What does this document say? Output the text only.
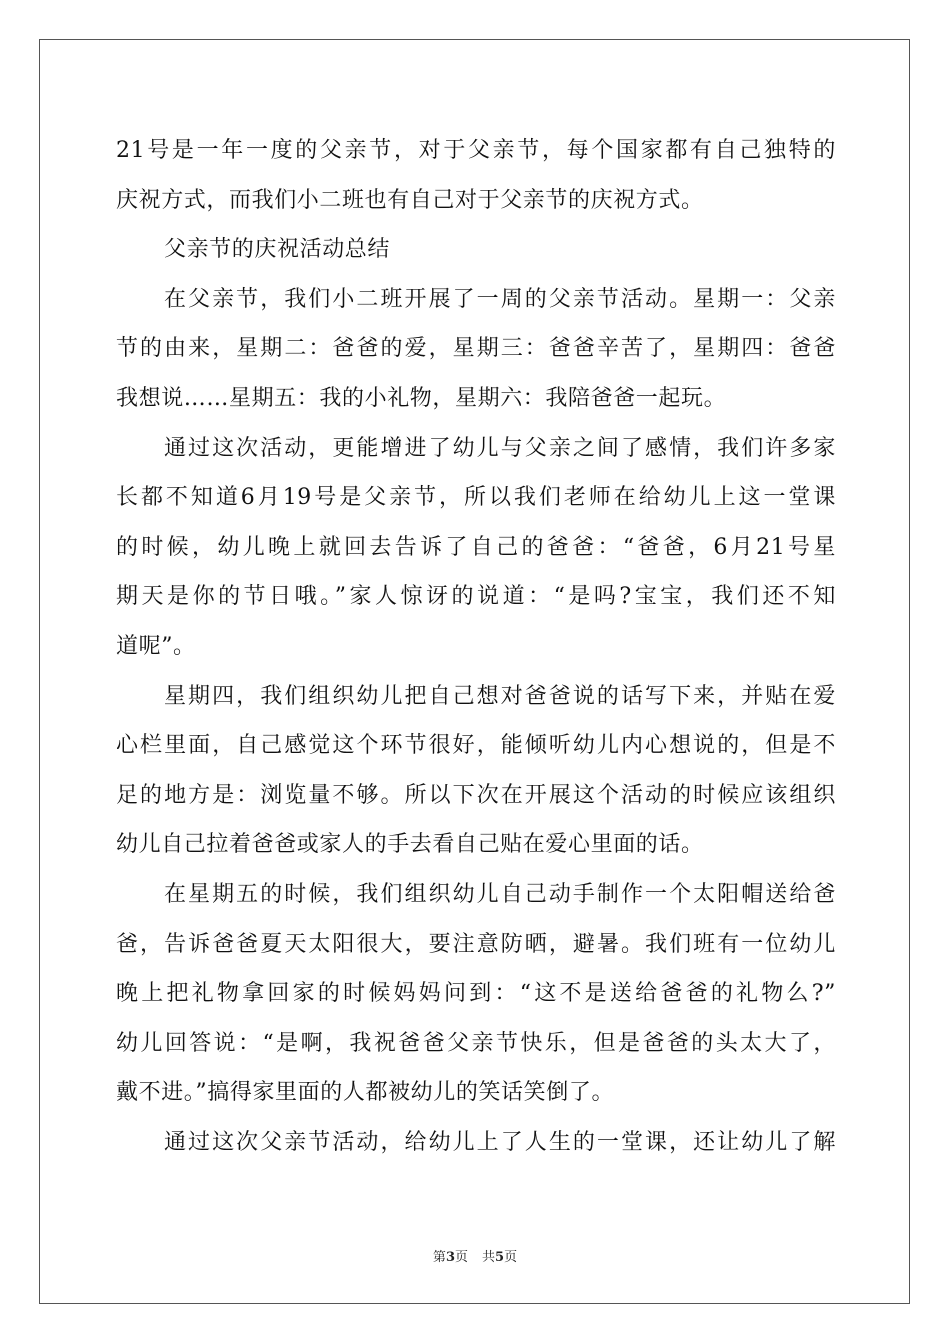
21号是一年一度的父亲节，对于父亲节，每个国家都有自己独特的
庆祝方式，而我们小二班也有自己对于父亲节的庆祝方式。
父亲节的庆祝活动总结
在父亲节，我们小二班开展了一周的父亲节活动。星期一：父亲
节的由来，星期二：爸爸的爱，星期三：爸爸辛苦了，星期四：爸爸
我想说……星期五：我的小礼物，星期六：我陪爸爸一起玩。
通过这次活动，更能增进了幼儿与父亲之间了感情，我们许多家
长都不知道6月19号是父亲节，所以我们老师在给幼儿上这一堂课
的时候，幼儿晚上就回去告诉了自己的爸爸：“爸爸，6月21号星
期天是你的节日哦。”家人惊讶的说道：“是吗?宝宝，我们还不知
道呢”。
星期四，我们组织幼儿把自己想对爸爸说的话写下来，并贴在爱
心栏里面，自己感觉这个环节很好，能倾听幼儿内心想说的，但是不
足的地方是：浏览量不够。所以下次在开展这个活动的时候应该组织
幼儿自己拉着爸爸或家人的手去看自己贴在爱心里面的话。
在星期五的时候，我们组织幼儿自己动手制作一个太阳帽送给爸
爸，告诉爸爸夏天太阳很大，要注意防晒，避暑。我们班有一位幼儿
晚上把礼物拿回家的时候妈妈问到：“这不是送给爸爸的礼物么?”
幼儿回答说：“是啊，我祝爸爸父亲节快乐，但是爸爸的头太大了，
戴不进。”搞得家里面的人都被幼儿的笑话笑倒了。
通过这次父亲节活动，给幼儿上了人生的一堂课，还让幼儿了解
第3页 共5页
